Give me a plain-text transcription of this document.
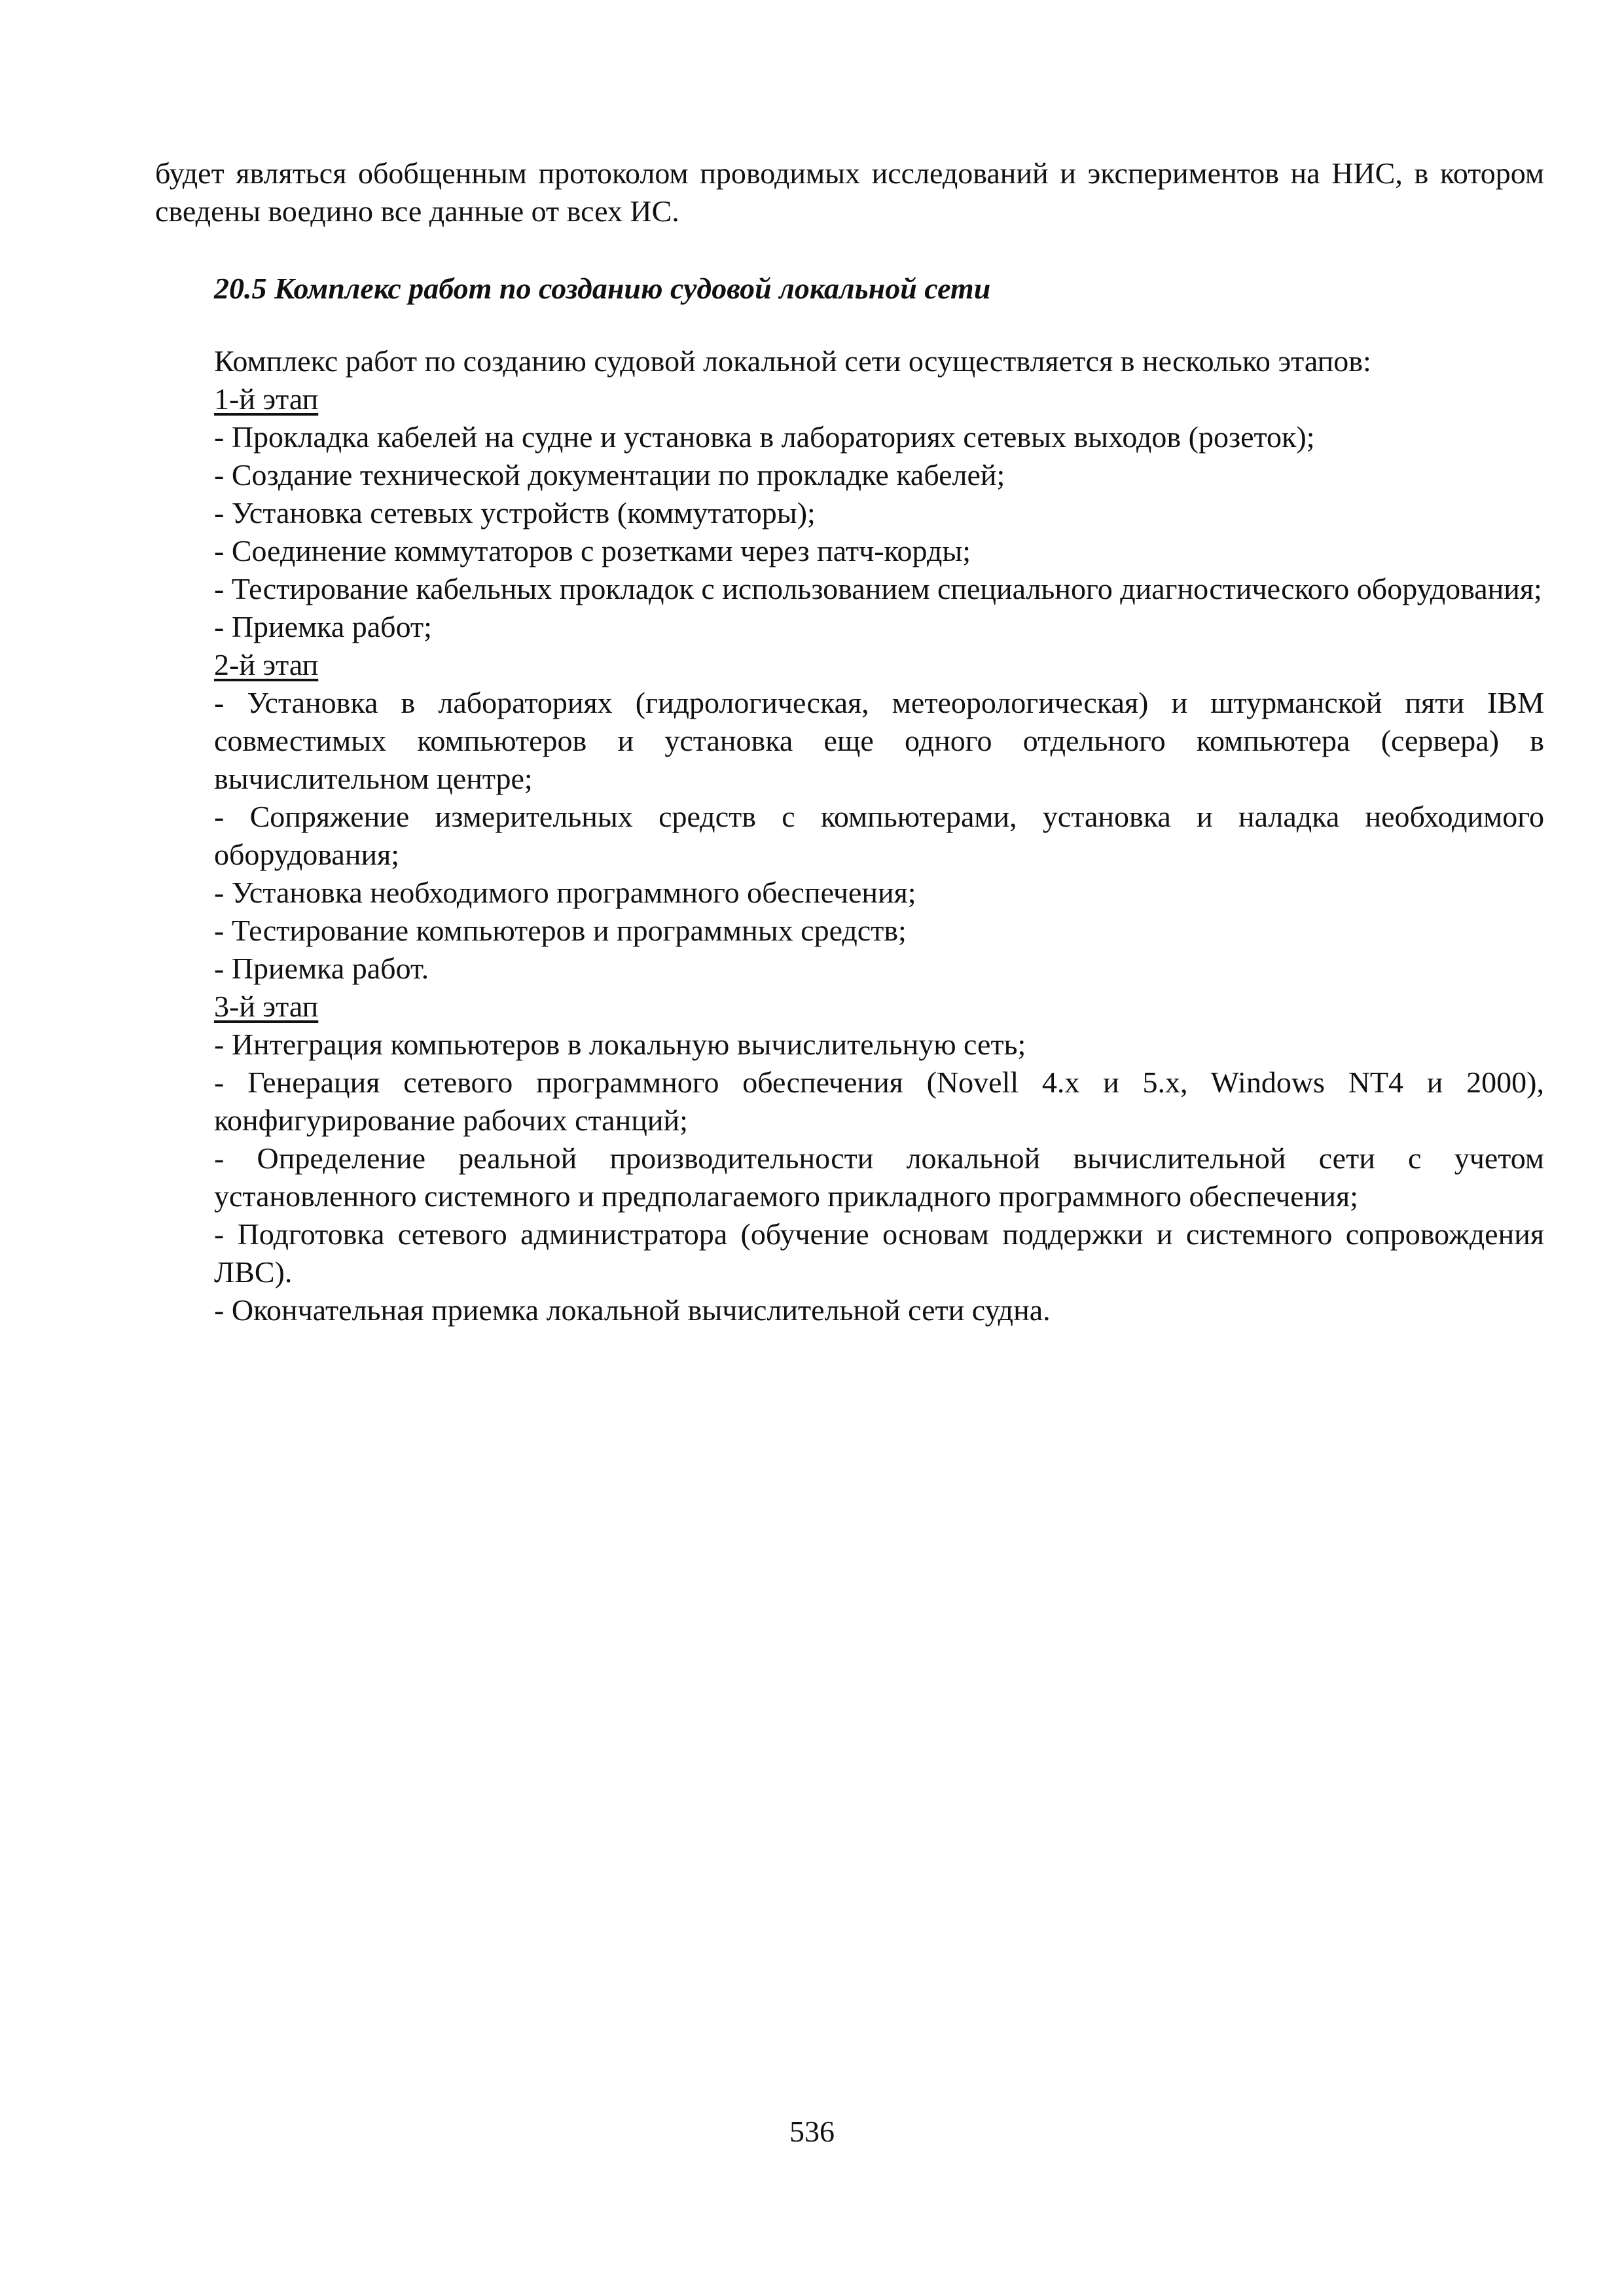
будет являться обобщенным протоколом проводимых исследований и экспериментов на НИС, в котором сведены воедино все данные от всех ИС.

20.5 Комплекс работ по созданию судовой локальной сети

Комплекс работ по созданию судовой локальной сети осуществляется в несколько этапов:

1-й этап

- Прокладка кабелей на судне и установка в лабораториях сетевых выходов (розеток);

- Создание технической документации по прокладке кабелей;

- Установка сетевых устройств (коммутаторы);

- Соединение коммутаторов с розетками через патч-корды;

- Тестирование кабельных прокладок с использованием специального диагностического оборудования;

- Приемка работ;

2-й этап

- Установка в лабораториях (гидрологическая, метеорологическая) и штурманской пяти IBM совместимых компьютеров и установка еще одного отдельного компьютера (сервера) в вычислительном центре;

- Сопряжение измерительных средств с компьютерами, установка и наладка необходимого оборудования;

- Установка необходимого программного обеспечения;

- Тестирование компьютеров и программных средств;

- Приемка работ.

3-й этап

- Интеграция компьютеров в локальную вычислительную сеть;

- Генерация сетевого программного обеспечения (Novell 4.x и 5.x, Windows NT4 и 2000), конфигурирование рабочих станций;

- Определение реальной производительности локальной вычислительной сети с учетом установленного системного и предполагаемого прикладного программного обеспечения;

- Подготовка сетевого администратора (обучение основам поддержки и системного сопровождения ЛВС).

- Окончательная приемка локальной вычислительной сети судна.

536
